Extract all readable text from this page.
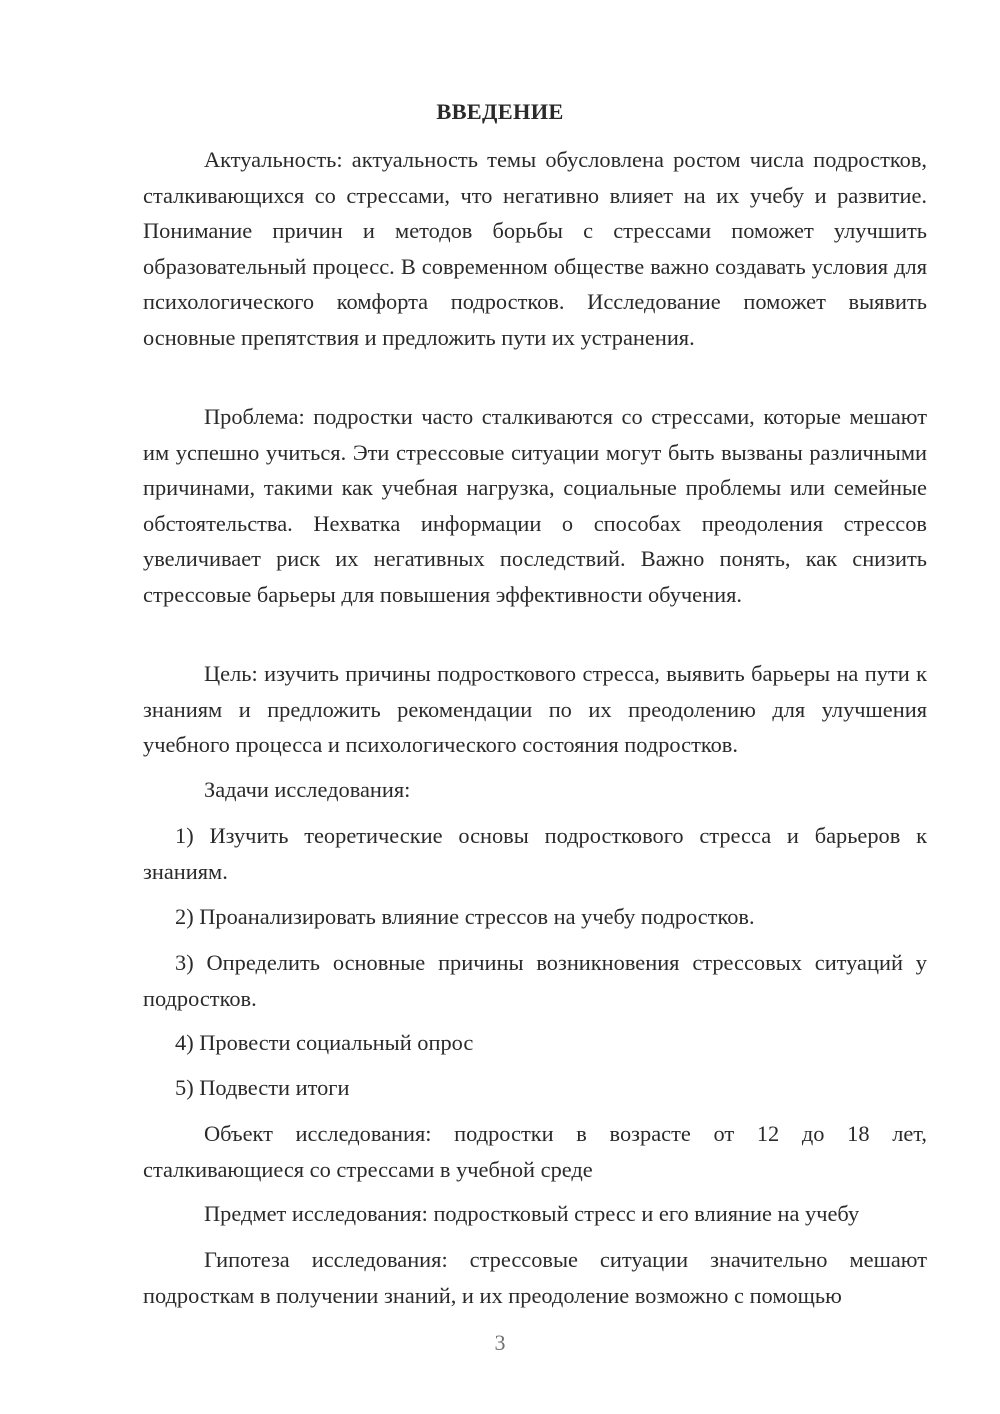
ВВЕДЕНИЕ

Актуальность: актуальность темы обусловлена ростом числа подростков, сталкивающихся со стрессами, что негативно влияет на их учебу и развитие. Понимание причин и методов борьбы с стрессами поможет улучшить образовательный процесс. В современном обществе важно создавать условия для психологического комфорта подростков. Исследование поможет выявить основные препятствия и предложить пути их устранения.

Проблема: подростки часто сталкиваются со стрессами, которые мешают им успешно учиться. Эти стрессовые ситуации могут быть вызваны различными причинами, такими как учебная нагрузка, социальные проблемы или семейные обстоятельства. Нехватка информации о способах преодоления стрессов увеличивает риск их негативных последствий. Важно понять, как снизить стрессовые барьеры для повышения эффективности обучения.

Цель: изучить причины подросткового стресса, выявить барьеры на пути к знаниям и предложить рекомендации по их преодолению для улучшения учебного процесса и психологического состояния подростков.

Задачи исследования:

1) Изучить теоретические основы подросткового стресса и барьеров к знаниям.

2) Проанализировать влияние стрессов на учебу подростков.

3) Определить основные причины возникновения стрессовых ситуаций у подростков.

4) Провести социальный опрос

5) Подвести итоги

Объект исследования: подростки в возрасте от 12 до 18 лет, сталкивающиеся со стрессами в учебной среде

Предмет исследования: подростковый стресс и его влияние на учебу

Гипотеза исследования: стрессовые ситуации значительно мешают подросткам в получении знаний, и их преодоление возможно с помощью

3
